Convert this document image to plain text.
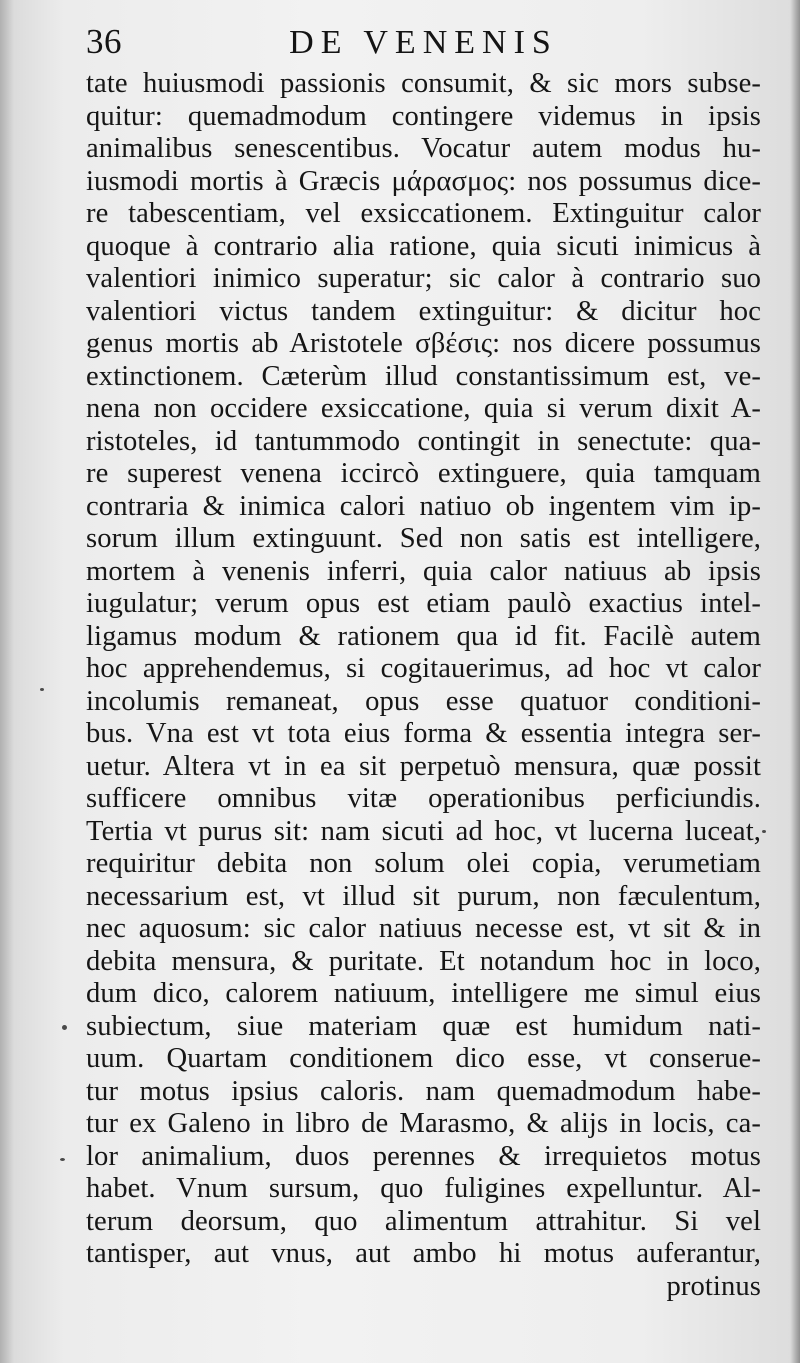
36	DE VENENIS
tate huiusmodi passionis consumit, & sic mors subse-
quitur: quemadmodum contingere videmus in ipsis
animalibus senescentibus. Vocatur autem modus hu-
iusmodi mortis à Græcis μάρασμος: nos possumus dice-
re tabescentiam, vel exsiccationem. Extinguitur calor
quoque à contrario alia ratione, quia sicuti inimicus à
valentiori inimico superatur; sic calor à contrario suo
valentiori victus tandem extinguitur: & dicitur hoc
genus mortis ab Aristotele σβέσις: nos dicere possumus
extinctionem. Cæterùm illud constantissimum est, ve-
nena non occidere exsiccatione, quia si verum dixit A-
ristoteles, id tantummodo contingit in senectute: qua-
re superest venena iccircò extinguere, quia tamquam
contraria & inimica calori natiuo ob ingentem vim ip-
sorum illum extinguunt. Sed non satis est intelligere,
mortem à venenis inferri, quia calor natiuus ab ipsis
iugulatur; verum opus est etiam paulò exactius intel-
ligamus modum & rationem qua id fit. Facilè autem
hoc apprehendemus, si cogitauerimus, ad hoc vt calor
incolumis remaneat, opus esse quatuor conditioni-
bus. Vna est vt tota eius forma & essentia integra ser-
uetur. Altera vt in ea sit perpetuò mensura, quæ possit
sufficere omnibus vitæ operationibus perficiundis.
Tertia vt purus sit: nam sicuti ad hoc, vt lucerna luceat,
requiritur debita non solum olei copia, verumetiam
necessarium est, vt illud sit purum, non fæculentum,
nec aquosum: sic calor natiuus necesse est, vt sit & in
debita mensura, & puritate. Et notandum hoc in loco,
dum dico, calorem natiuum, intelligere me simul eius
subiectum, siue materiam quæ est humidum nati-
uum. Quartam conditionem dico esse, vt conserue-
tur motus ipsius caloris. nam quemadmodum habe-
tur ex Galeno in libro de Marasmo, & alijs in locis, ca-
lor animalium, duos perennes & irrequietos motus
habet. Vnum sursum, quo fuligines expelluntur. Al-
terum deorsum, quo alimentum attrahitur. Si vel
tantisper, aut vnus, aut ambo hi motus auferantur,
protinus
